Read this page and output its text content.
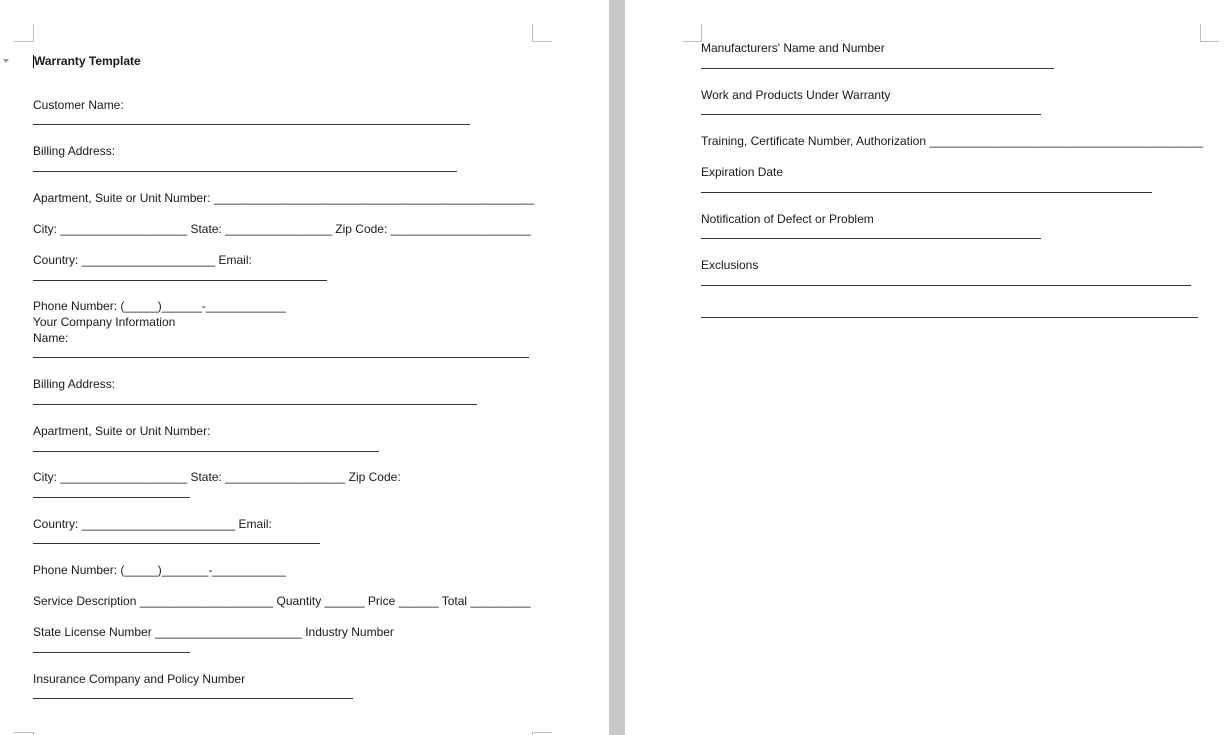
Warranty Template
Customer Name:
Billing Address:
Apartment, Suite or Unit Number: ________________________________________________
City: ___________________ State: ________________ Zip Code: _____________________
Country: ____________________ Email:
Phone Number: (_____)______-____________
Your Company Information
Name:
Billing Address:
Apartment, Suite or Unit Number:
City: ___________________ State: __________________ Zip Code:
Country: _______________________ Email:
Phone Number: (_____)_______-___________
Service Description ____________________ Quantity ______ Price ______ Total _________
State License Number ______________________ Industry Number
Insurance Company and Policy Number
Manufacturers' Name and Number
Work and Products Under Warranty
Training, Certificate Number, Authorization _________________________________________
Expiration Date
Notification of Defect or Problem
Exclusions
